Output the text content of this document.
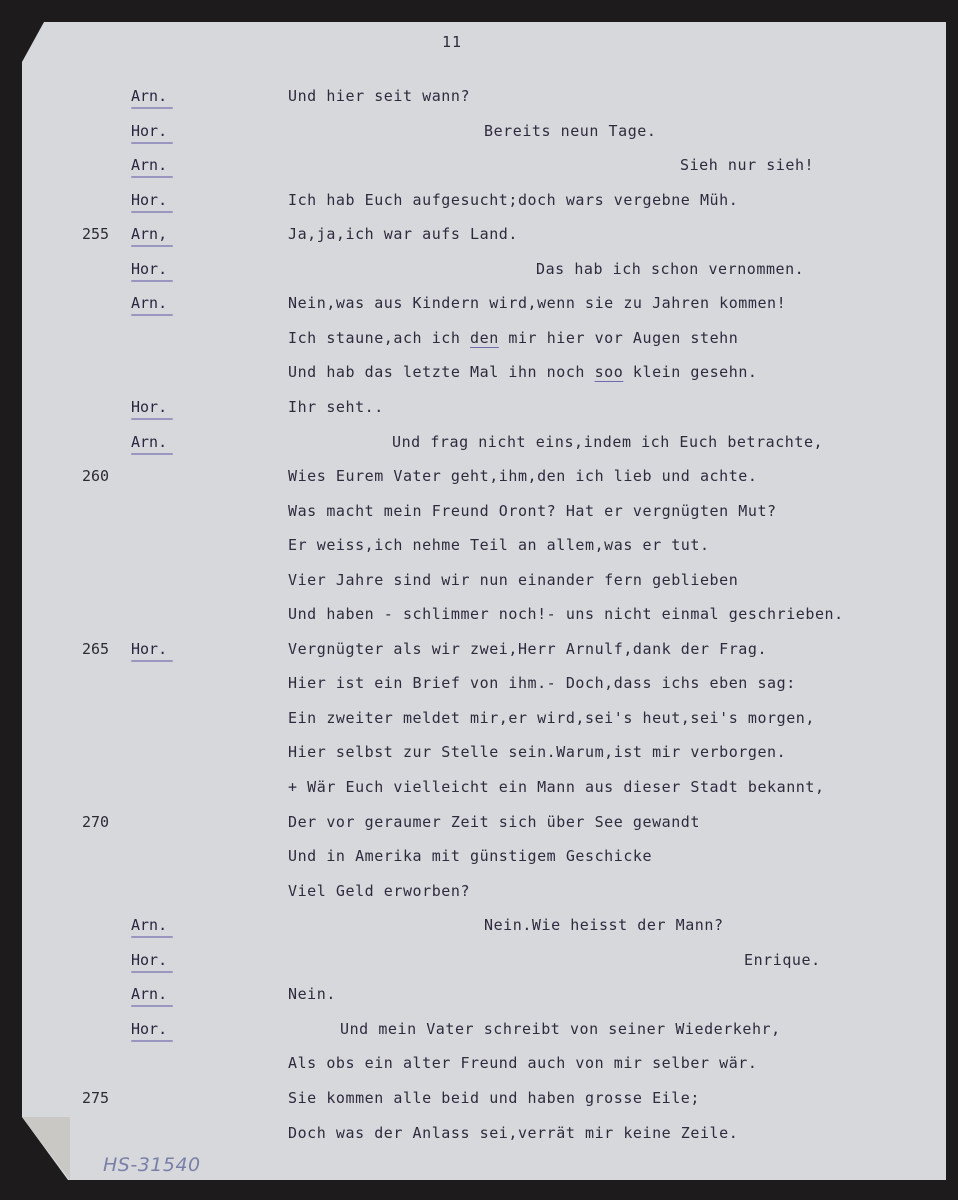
11
Arn.	Und hier seit wann?
Hor.	Bereits neun Tage.
Arn.	Sieh nur sieh!
Hor.	Ich hab Euch aufgesucht;doch wars vergebne Müh.
255 Arn,	Ja,ja,ich war aufs Land.
Hor.	Das hab ich schon vernommen.
Arn.	Nein,was aus Kindern wird,wenn sie zu Jahren kommen!
Ich staune,ach ich den mir hier vor Augen stehn
Und hab das letzte Mal ihn noch soo klein gesehn.
Hor.	Ihr seht..
Arn.	Und frag nicht eins,indem ich Euch betrachte,
260	Wies Eurem Vater geht,ihm,den ich lieb und achte.
Was macht mein Freund Oront? Hat er vergnügten Mut?
Er weiss,ich nehme Teil an allem,was er tut.
Vier Jahre sind wir nun einander fern geblieben
Und haben - schlimmer noch!- uns nicht einmal geschrieben.
265 Hor.	Vergnügter als wir zwei,Herr Arnulf,dank der Frag.
Hier ist ein Brief von ihm.- Doch,dass ichs eben sag:
Ein zweiter meldet mir,er wird,sei's heut,sei's morgen,
Hier selbst zur Stelle sein.Warum,ist mir verborgen.
+ Wär Euch vielleicht ein Mann aus dieser Stadt bekannt,
270	Der vor geraumer Zeit sich über See gewandt
Und in Amerika mit günstigem Geschicke
Viel Geld erworben?
Arn.	Nein.Wie heisst der Mann?
Hor.	Enrique.
Arn.	Nein.
Hor.	Und mein Vater schreibt von seiner Wiederkehr,
Als obs ein alter Freund auch von mir selber wär.
275	Sie kommen alle beid und haben grosse Eile;
Doch was der Anlass sei,verrät mir keine Zeile.
HS-31540
